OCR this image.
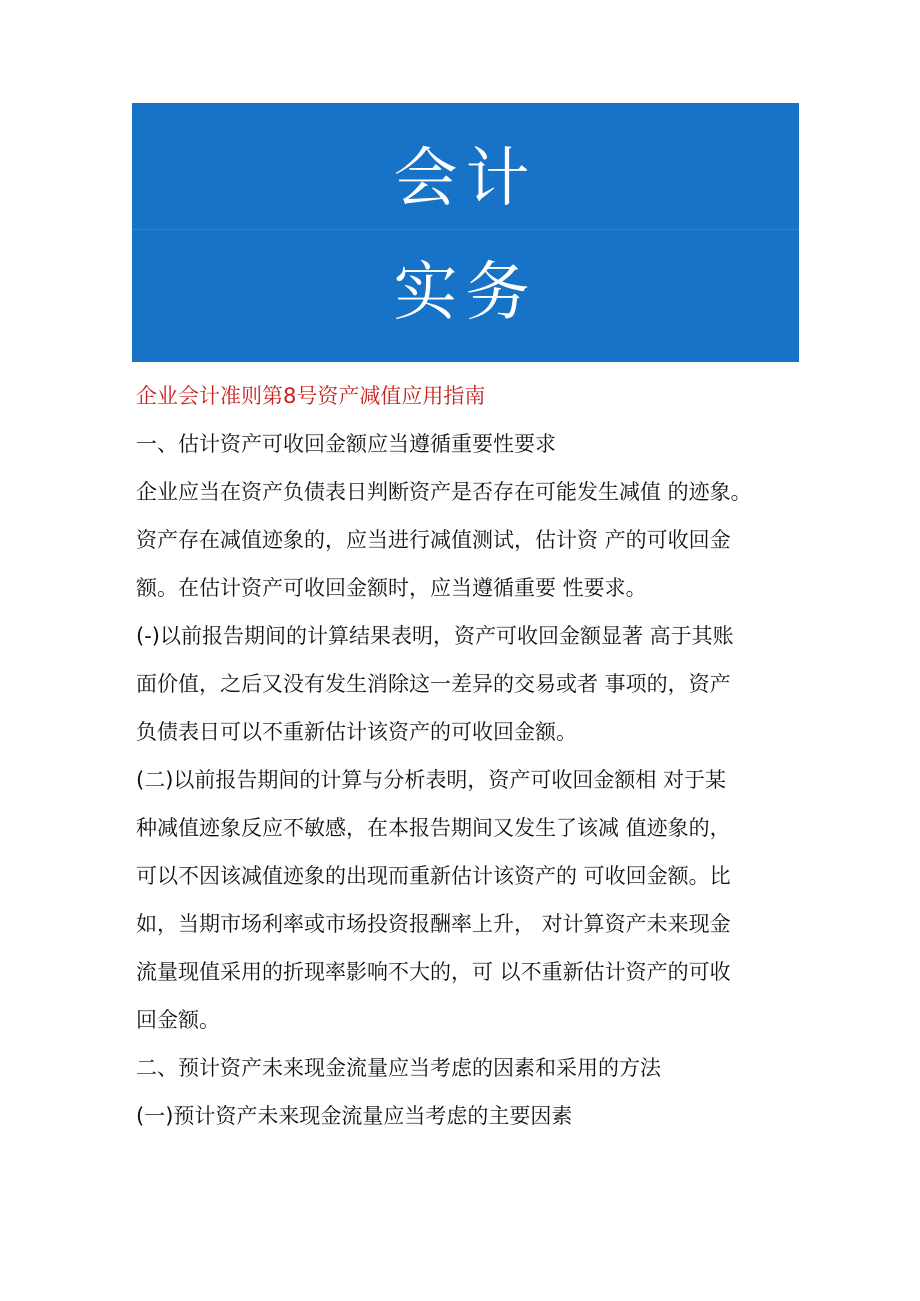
会计
实务

企业会计准则第8号资产减值应用指南

一、估计资产可收回金额应当遵循重要性要求

企业应当在资产负债表日判断资产是否存在可能发生减值 的迹象。

资产存在减值迹象的，应当进行减值测试，估计资 产的可收回金

额。在估计资产可收回金额时，应当遵循重要 性要求。

(-)以前报告期间的计算结果表明，资产可收回金额显著 高于其账

面价值，之后又没有发生消除这一差异的交易或者 事项的，资产

负债表日可以不重新估计该资产的可收回金额。

(二)以前报告期间的计算与分析表明，资产可收回金额相 对于某

种减值迹象反应不敏感，在本报告期间又发生了该减 值迹象的，

可以不因该减值迹象的出现而重新估计该资产的 可收回金额。比

如，当期市场利率或市场投资报酬率上升， 对计算资产未来现金

流量现值采用的折现率影响不大的，可 以不重新估计资产的可收

回金额。

二、预计资产未来现金流量应当考虑的因素和采用的方法

(一)预计资产未来现金流量应当考虑的主要因素
